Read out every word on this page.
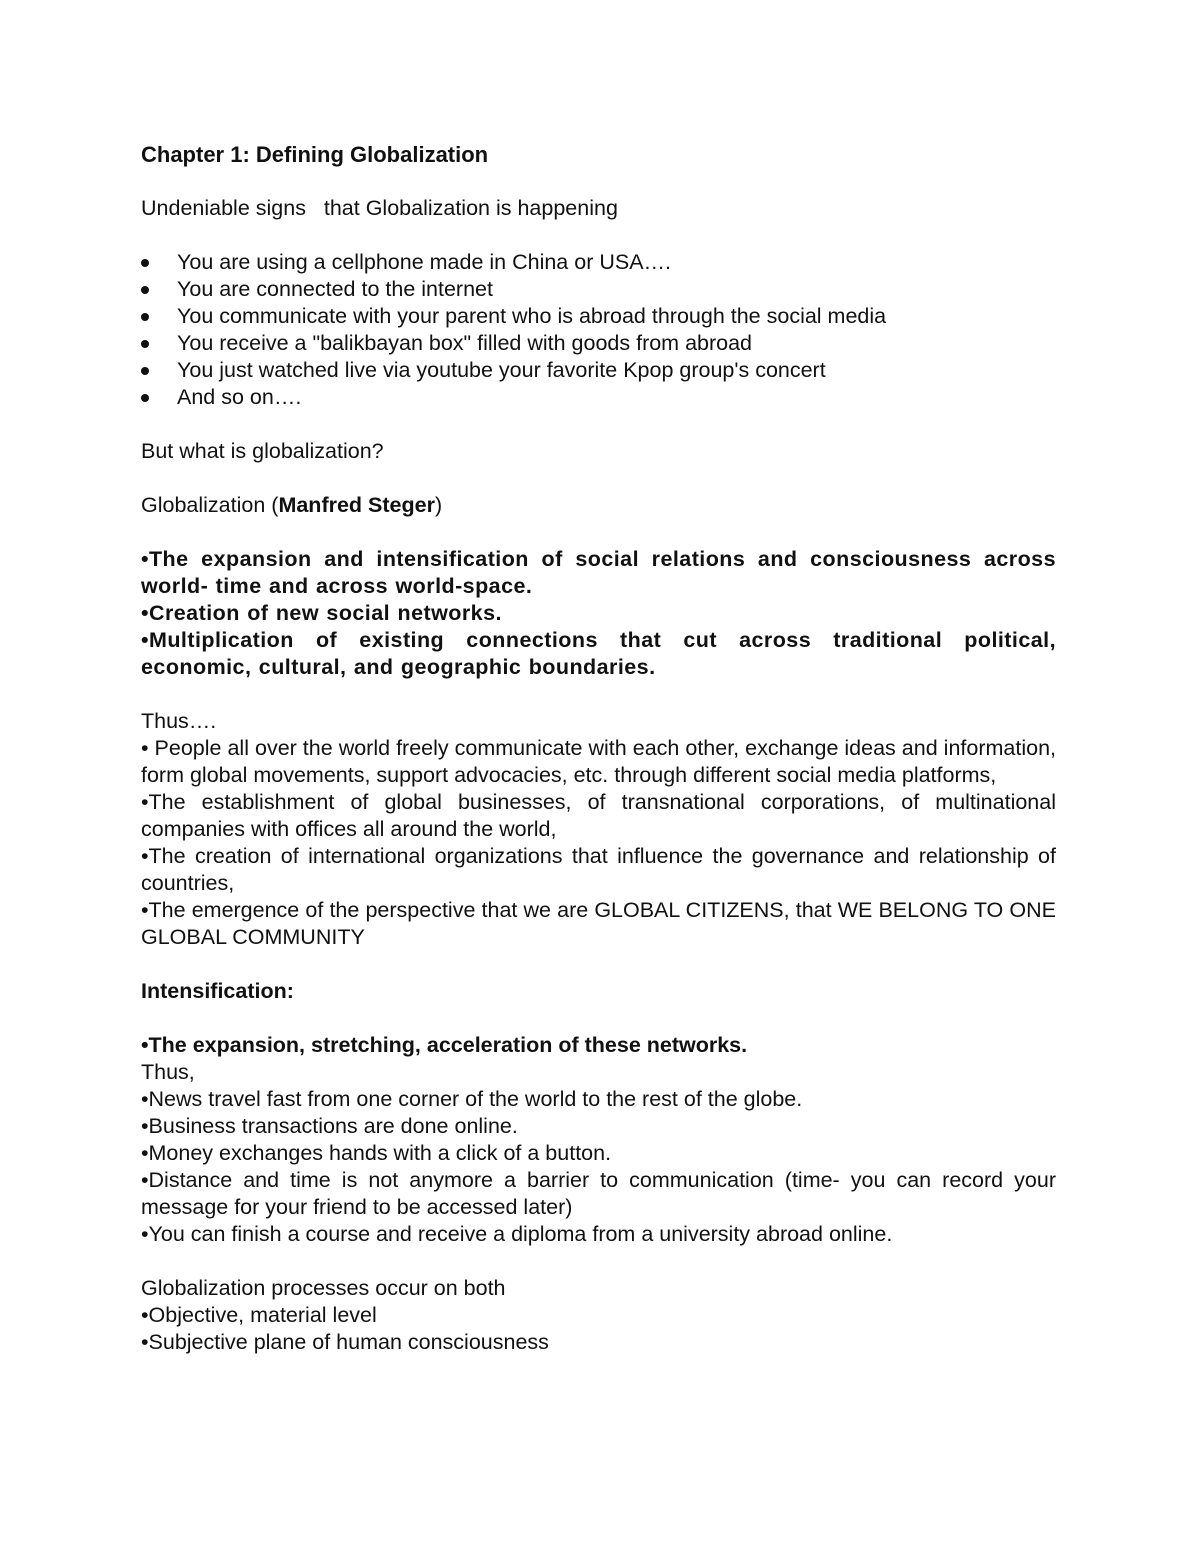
Chapter 1: Defining Globalization

Undeniable signs   that Globalization is happening

You are using a cellphone made in China or USA….
You are connected to the internet
You communicate with your parent who is abroad through the social media
You receive a "balikbayan box" filled with goods from abroad
You just watched live via youtube your favorite Kpop group's concert
And so on….

But what is globalization?

Globalization (Manfred Steger)

•The expansion and intensification of social relations and consciousness across world- time and across world-space.

•Creation of new social networks.

•Multiplication of existing connections that cut across traditional political, economic, cultural, and geographic boundaries.

Thus….

• People all over the world freely communicate with each other, exchange ideas and information, form global movements, support advocacies, etc. through different social media platforms,

•The establishment of global businesses, of transnational corporations, of multinational companies with offices all around the world,

•The creation of international organizations that influence the governance and relationship of countries,

•The emergence of the perspective that we are GLOBAL CITIZENS, that WE BELONG TO ONE GLOBAL COMMUNITY

Intensification:

•The expansion, stretching, acceleration of these networks.

Thus,

•News travel fast from one corner of the world to the rest of the globe.

•Business transactions are done online.

•Money exchanges hands with a click of a button.

•Distance and time is not anymore a barrier to communication (time- you can record your message for your friend to be accessed later)

•You can finish a course and receive a diploma from a university abroad online.

Globalization processes occur on both

•Objective, material level

•Subjective plane of human consciousness
